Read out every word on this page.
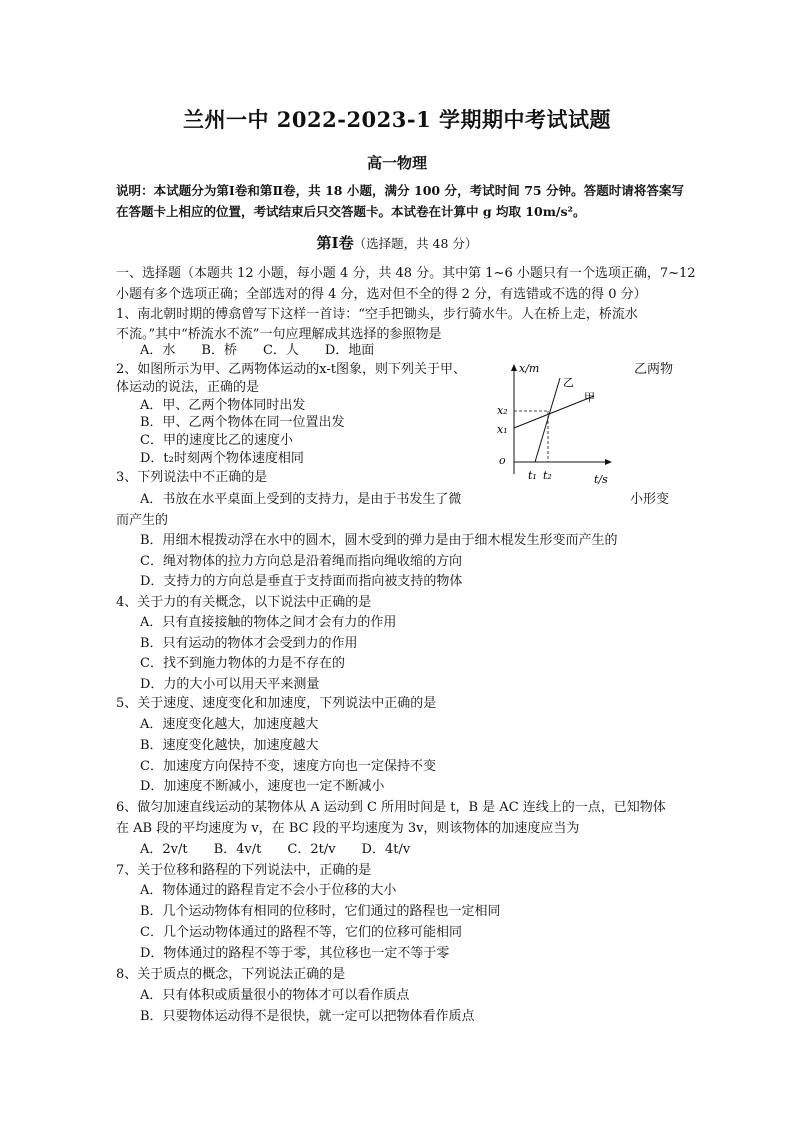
兰州一中 2022-2023-1 学期期中考试试题
高一物理
说明：本试题分为第Ⅰ卷和第Ⅱ卷，共 18 小题，满分 100 分，考试时间 75 分钟。答题时请将答案写在答题卡上相应的位置，考试结束后只交答题卡。本试卷在计算中 g 均取 10m/s²。
第Ⅰ卷（选择题，共 48 分）
一、选择题（本题共 12 小题，每小题 4 分，共 48 分。其中第 1~6 小题只有一个选项正确，7~12
小题有多个选项正确；全部选对的得 4 分，选对但不全的得 2 分，有选错或不选的得 0 分）
1、南北朝时期的傅翕曾写下这样一首诗：“空手把锄头，步行骑水牛。人在桥上走，桥流水
不流。”其中“桥流水不流”一句应理解成其选择的参照物是
A．水　　B．桥　　C．人　　D．地面
2、如图所示为甲、乙两物体运动的x-t图象，则下列关于甲、	乙两物
体运动的说法，正确的是
A．甲、乙两个物体同时出发
B．甲、乙两个物体在同一位置出发
C．甲的速度比乙的速度小
D．t₂时刻两个物体速度相同
x/m
t/s
o
x₂
x₁
t₁ t₂
乙
甲
3、下列说法中不正确的是
A．书放在水平桌面上受到的支持力，是由于书发生了微	小形变
而产生的
B．用细木棍拨动浮在水中的圆木，圆木受到的弹力是由于细木棍发生形变而产生的
C．绳对物体的拉力方向总是沿着绳而指向绳收缩的方向
D．支持力的方向总是垂直于支持面而指向被支持的物体
4、关于力的有关概念，以下说法中正确的是
A．只有直接接触的物体之间才会有力的作用
B．只有运动的物体才会受到力的作用
C．找不到施力物体的力是不存在的
D．力的大小可以用天平来测量
5、关于速度、速度变化和加速度，下列说法中正确的是
A．速度变化越大，加速度越大
B．速度变化越快，加速度越大
C．加速度方向保持不变，速度方向也一定保持不变
D．加速度不断减小，速度也一定不断减小
6、做匀加速直线运动的某物体从 A 运动到 C 所用时间是 t，B 是 AC 连线上的一点，已知物体
在 AB 段的平均速度为 v，在 BC 段的平均速度为 3v，则该物体的加速度应当为
A．2v/t　　B．4v/t　　C．2t/v　　D．4t/v
7、关于位移和路程的下列说法中，正确的是
A．物体通过的路程肯定不会小于位移的大小
B．几个运动物体有相同的位移时，它们通过的路程也一定相同
C．几个运动物体通过的路程不等，它们的位移可能相同
D．物体通过的路程不等于零，其位移也一定不等于零
8、关于质点的概念，下列说法正确的是
A．只有体积或质量很小的物体才可以看作质点
B．只要物体运动得不是很快，就一定可以把物体看作质点
